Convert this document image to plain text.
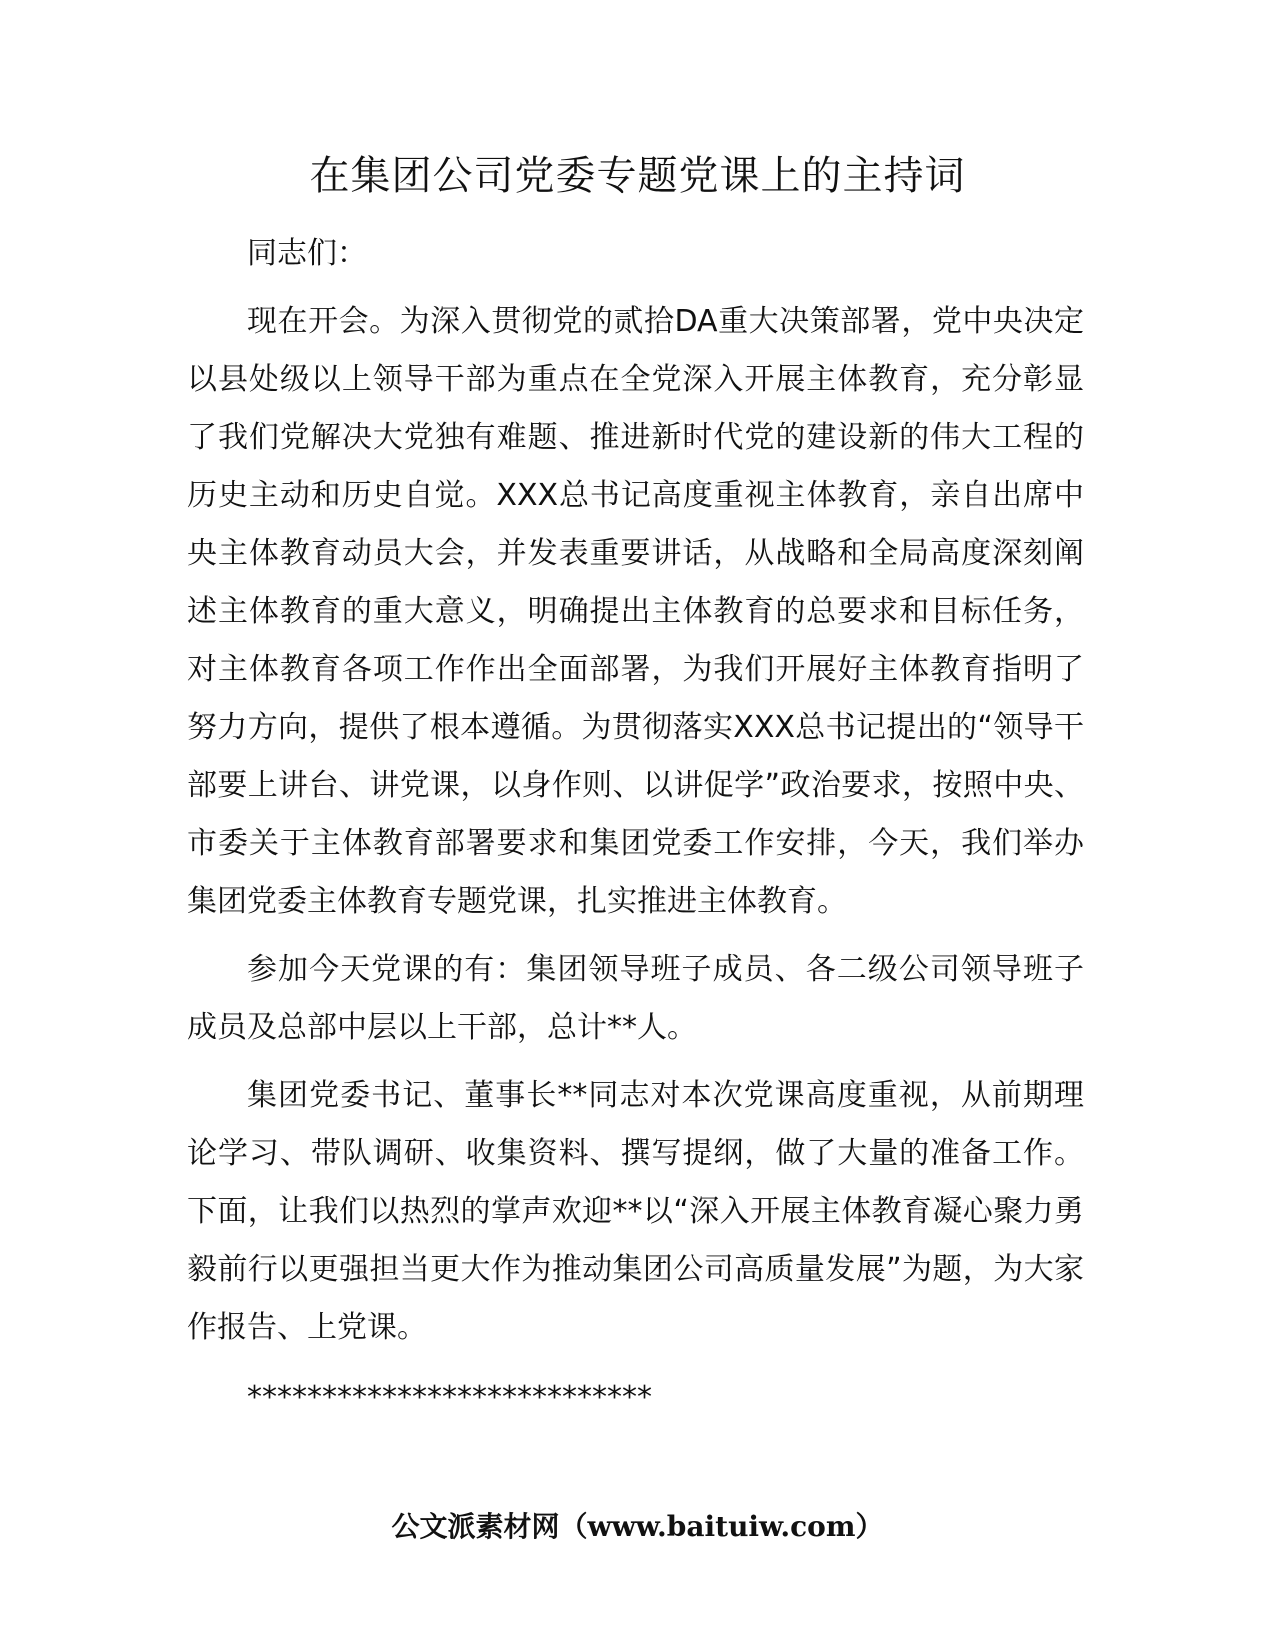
在集团公司党委专题党课上的主持词

同志们：

现在开会。为深入贯彻党的贰拾DA重大决策部署，党中央决定以县处级以上领导干部为重点在全党深入开展主体教育，充分彰显了我们党解决大党独有难题、推进新时代党的建设新的伟大工程的历史主动和历史自觉。XXX总书记高度重视主体教育，亲自出席中央主体教育动员大会，并发表重要讲话，从战略和全局高度深刻阐述主体教育的重大意义，明确提出主体教育的总要求和目标任务，对主体教育各项工作作出全面部署，为我们开展好主体教育指明了努力方向，提供了根本遵循。为贯彻落实XXX总书记提出的“领导干部要上讲台、讲党课，以身作则、以讲促学”政治要求，按照中央、市委关于主体教育部署要求和集团党委工作安排，今天，我们举办集团党委主体教育专题党课，扎实推进主体教育。

参加今天党课的有：集团领导班子成员、各二级公司领导班子成员及总部中层以上干部，总计**人。

集团党委书记、董事长**同志对本次党课高度重视，从前期理论学习、带队调研、收集资料、撰写提纲，做了大量的准备工作。下面，让我们以热烈的掌声欢迎**以“深入开展主体教育凝心聚力勇毅前行以更强担当更大作为推动集团公司高质量发展”为题，为大家作报告、上党课。

***************************

公文派素材网（www.baituiw.com）
